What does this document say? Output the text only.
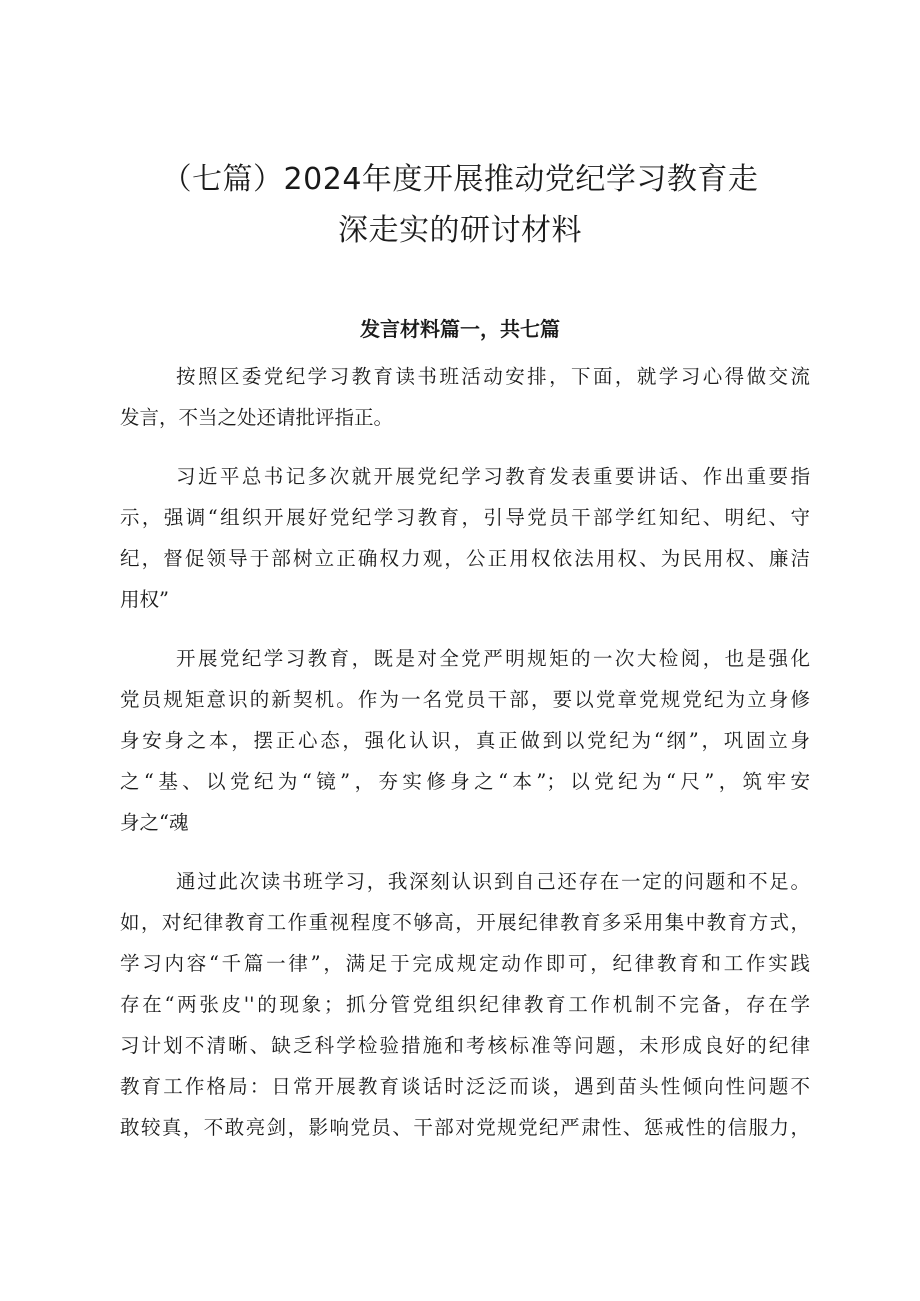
（七篇）2024年度开展推动党纪学习教育走
深走实的研讨材料
发言材料篇一，共七篇
按照区委党纪学习教育读书班活动安排，下面，就学习心得做交流
发言，不当之处还请批评指正。
习近平总书记多次就开展党纪学习教育发表重要讲话、作出重要指
示，强调“组织开展好党纪学习教育，引导党员干部学红知纪、明纪、守
纪，督促领导于部树立正确权力观，公正用权依法用权、为民用权、廉洁
用权”
开展党纪学习教育，既是对全党严明规矩的一次大检阅，也是强化
党员规矩意识的新契机。作为一名党员干部，要以党章党规党纪为立身修
身安身之本，摆正心态，强化认识，真正做到以党纪为“纲”，巩固立身
之“基、以党纪为“镜”，夯实修身之“本”；以党纪为“尺”，筑牢安
身之“魂
通过此次读书班学习，我深刻认识到自己还存在一定的问题和不足。
如，对纪律教育工作重视程度不够高，开展纪律教育多采用集中教育方式，
学习内容“千篇一律”，满足于完成规定动作即可，纪律教育和工作实践
存在“两张皮''的现象；抓分管党组织纪律教育工作机制不完备，存在学
习计划不清晰、缺乏科学检验措施和考核标准等问题，未形成良好的纪律
教育工作格局：日常开展教育谈话时泛泛而谈，遇到苗头性倾向性问题不
敢较真，不敢亮剑，影响党员、干部对党规党纪严肃性、惩戒性的信服力，
